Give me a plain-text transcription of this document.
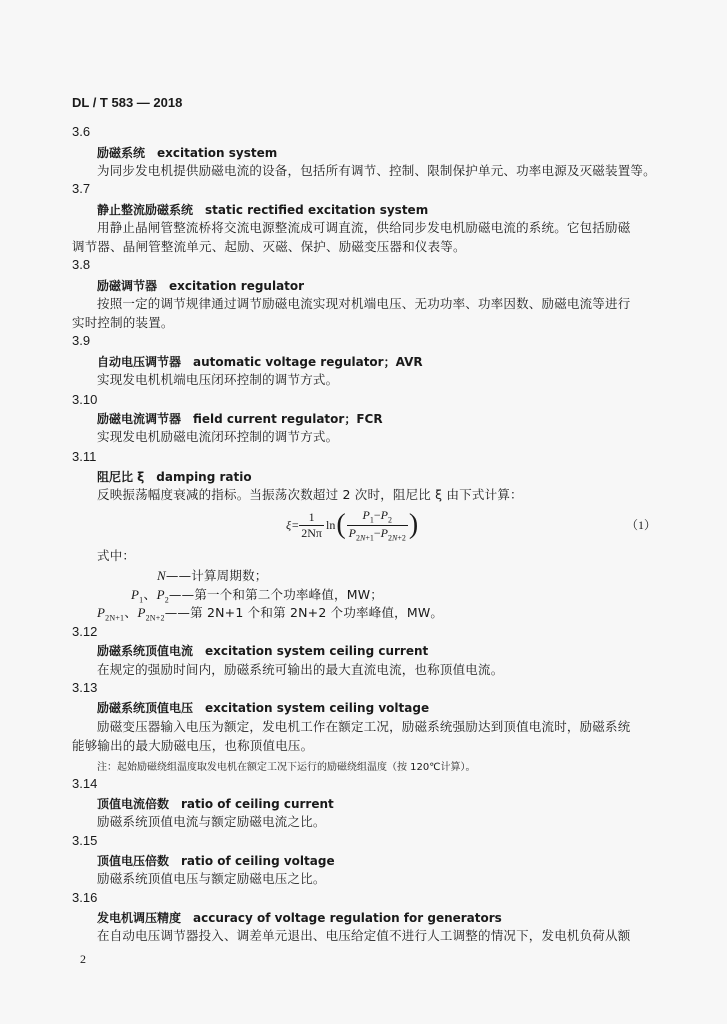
DL / T 583 — 2018
3.6
励磁系统 excitation system
为同步发电机提供励磁电流的设备，包括所有调节、控制、限制保护单元、功率电源及灭磁装置等。
3.7
静止整流励磁系统 static rectified excitation system
用静止晶闸管整流桥将交流电源整流成可调直流，供给同步发电机励磁电流的系统。它包括励磁
调节器、晶闸管整流单元、起励、灭磁、保护、励磁变压器和仪表等。
3.8
励磁调节器 excitation regulator
按照一定的调节规律通过调节励磁电流实现对机端电压、无功功率、功率因数、励磁电流等进行
实时控制的装置。
3.9
自动电压调节器 automatic voltage regulator；AVR
实现发电机机端电压闭环控制的调节方式。
3.10
励磁电流调节器 field current regulator；FCR
实现发电机励磁电流闭环控制的调节方式。
3.11
阻尼比 ξ damping ratio
反映振荡幅度衰减的指标。当振荡次数超过 2 次时，阻尼比 ξ 由下式计算：
$\xi= \frac{1}{2N\pi}$ ln ( $\frac{P_1-P_2}{P_{2N+1}-P_{2N+2}}$ )	（1）
式中：
N——计算周期数；
$P_1$、$P_2——$第一个和第二个功率峰值，MW；
$P_{2N+1}$、$P_{2N+2}——$第 2N+1 个和第 2N+2 个功率峰值，MW。
3.12
励磁系统顶值电流 excitation system ceiling current
在规定的强励时间内，励磁系统可输出的最大直流电流，也称顶值电流。
3.13
励磁系统顶值电压 excitation system ceiling voltage
励磁变压器输入电压为额定，发电机工作在额定工况，励磁系统强励达到顶值电流时，励磁系统
能够输出的最大励磁电压，也称顶值电压。
注：起始励磁绕组温度取发电机在额定工况下运行的励磁绕组温度（按 120℃计算）。
3.14
顶值电流倍数 ratio of ceiling current
励磁系统顶值电流与额定励磁电流之比。
3.15
顶值电压倍数 ratio of ceiling voltage
励磁系统顶值电压与额定励磁电压之比。
3.16
发电机调压精度 accuracy of voltage regulation for generators
在自动电压调节器投入、调差单元退出、电压给定值不进行人工调整的情况下，发电机负荷从额
2
